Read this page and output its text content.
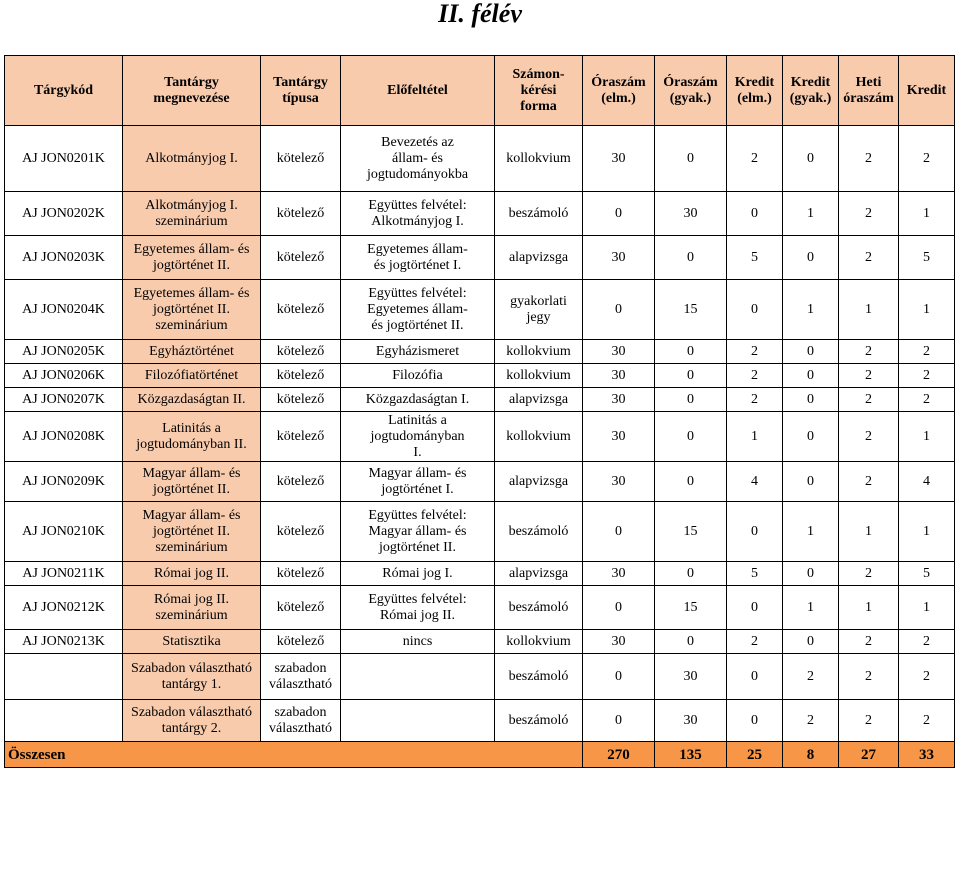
II. félév
Tárgykód	Tantárgy
megnevezése	Tantárgy
típusa	Előfeltétel	Számon-
kérési
forma	Óraszám
(elm.)	Óraszám
(gyak.)	Kredit
(elm.)	Kredit
(gyak.)	Heti
óraszám	Kredit
AJ JON0201K	Alkotmányjog I.	kötelező	Bevezetés az
állam- és
jogtudományokba	kollokvium	30	0	2	0	2	2
AJ JON0202K	Alkotmányjog I.
szeminárium	kötelező	Együttes felvétel:
Alkotmányjog I.	beszámoló	0	30	0	1	2	1
AJ JON0203K	Egyetemes állam- és
jogtörténet II.	kötelező	Egyetemes állam-
és jogtörténet I.	alapvizsga	30	0	5	0	2	5
AJ JON0204K	Egyetemes állam- és
jogtörténet II.
szeminárium	kötelező	Együttes felvétel:
Egyetemes állam-
és jogtörténet II.	gyakorlati
jegy	0	15	0	1	1	1
AJ JON0205K	Egyháztörténet	kötelező	Egyházismeret	kollokvium	30	0	2	0	2	2
AJ JON0206K	Filozófiatörténet	kötelező	Filozófia	kollokvium	30	0	2	0	2	2
AJ JON0207K	Közgazdaságtan II.	kötelező	Közgazdaságtan I.	alapvizsga	30	0	2	0	2	2
AJ JON0208K	Latinitás a
jogtudományban II.	kötelező	Latinitás a
jogtudományban
I.	kollokvium	30	0	1	0	2	1
AJ JON0209K	Magyar állam- és
jogtörténet II.	kötelező	Magyar állam- és
jogtörténet I.	alapvizsga	30	0	4	0	2	4
AJ JON0210K	Magyar állam- és
jogtörténet II.
szeminárium	kötelező	Együttes felvétel:
Magyar állam- és
jogtörténet II.	beszámoló	0	15	0	1	1	1
AJ JON0211K	Római jog II.	kötelező	Római jog I.	alapvizsga	30	0	5	0	2	5
AJ JON0212K	Római jog II.
szeminárium	kötelező	Együttes felvétel:
Római jog II.	beszámoló	0	15	0	1	1	1
AJ JON0213K	Statisztika	kötelező	nincs	kollokvium	30	0	2	0	2	2
	Szabadon választható
tantárgy 1.	szabadon
választható		beszámoló	0	30	0	2	2	2
	Szabadon választható
tantárgy 2.	szabadon
választható		beszámoló	0	30	0	2	2	2
Összesen					270	135	25	8	27	33
